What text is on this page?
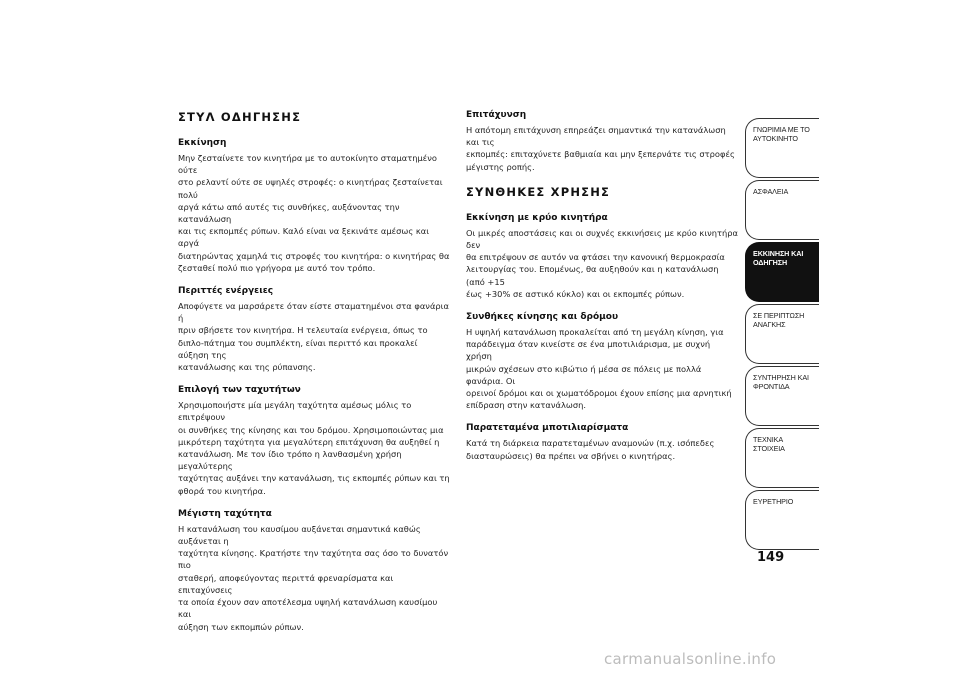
ΣΤΥΛ ΟΔΗΓΗΣΗΣ
Εκκίνηση
Μην ζεσταίνετε τον κινητήρα με το αυτοκίνητο σταματημένο ούτε
στο ρελαντί ούτε σε υψηλές στροφές: ο κινητήρας ζεσταίνεται πολύ
αργά κάτω από αυτές τις συνθήκες, αυξάνοντας την κατανάλωση
και τις εκπομπές ρύπων. Καλό είναι να ξεκινάτε αμέσως και αργά
διατηρώντας χαμηλά τις στροφές του κινητήρα: ο κινητήρας θα
ζεσταθεί πολύ πιο γρήγορα με αυτό τον τρόπο.
Περιττές ενέργειες
Αποφύγετε να μαρσάρετε όταν είστε σταματημένοι στα φανάρια ή
πριν σβήσετε τον κινητήρα. Η τελευταία ενέργεια, όπως το
διπλο-πάτημα του συμπλέκτη, είναι περιττό και προκαλεί αύξηση της
κατανάλωσης και της ρύπανσης.
Επιλογή των ταχυτήτων
Χρησιμοποιήστε μία μεγάλη ταχύτητα αμέσως μόλις το επιτρέψουν
οι συνθήκες της κίνησης και του δρόμου. Χρησιμοποιώντας μια
μικρότερη ταχύτητα για μεγαλύτερη επιτάχυνση θα αυξηθεί η
κατανάλωση. Με τον ίδιο τρόπο η λανθασμένη χρήση μεγαλύτερης
ταχύτητας αυξάνει την κατανάλωση, τις εκπομπές ρύπων και τη
φθορά του κινητήρα.
Μέγιστη ταχύτητα
Η κατανάλωση του καυσίμου αυξάνεται σημαντικά καθώς αυξάνεται η
ταχύτητα κίνησης. Κρατήστε την ταχύτητα σας όσο το δυνατόν πιο
σταθερή, αποφεύγοντας περιττά φρεναρίσματα και επιταχύνσεις
τα οποία έχουν σαν αποτέλεσμα υψηλή κατανάλωση καυσίμου και
αύξηση των εκπομπών ρύπων.
Επιτάχυνση
Η απότομη επιτάχυνση επηρεάζει σημαντικά την κατανάλωση και τις
εκπομπές: επιταχύνετε βαθμιαία και μην ξεπερνάτε τις στροφές
μέγιστης ροπής.
ΣΥΝΘΗΚΕΣ ΧΡΗΣΗΣ
Εκκίνηση με κρύο κινητήρα
Οι μικρές αποστάσεις και οι συχνές εκκινήσεις με κρύο κινητήρα δεν
θα επιτρέψουν σε αυτόν να φτάσει την κανονική θερμοκρασία
λειτουργίας του. Επομένως, θα αυξηθούν και η κατανάλωση (από +15
έως +30% σε αστικό κύκλο) και οι εκπομπές ρύπων.
Συνθήκες κίνησης και δρόμου
Η υψηλή κατανάλωση προκαλείται από τη μεγάλη κίνηση, για
παράδειγμα όταν κινείστε σε ένα μποτιλιάρισμα, με συχνή χρήση
μικρών σχέσεων στο κιβώτιο ή μέσα σε πόλεις με πολλά φανάρια. Οι
ορεινοί δρόμοι και οι χωματόδρομοι έχουν επίσης μια αρνητική
επίδραση στην κατανάλωση.
Παρατεταμένα μποτιλιαρίσματα
Κατά τη διάρκεια παρατεταμένων αναμονών (π.χ. ισόπεδες
διασταυρώσεις) θα πρέπει να σβήνει ο κινητήρας.
ΓΝΩΡΙΜΙΑ ΜΕ ΤΟ
ΑΥΤΟΚΙΝΗΤΟ
ΑΣΦΑΛΕΙΑ
ΕΚΚΙΝΗΣΗ ΚΑΙ
ΟΔΗΓΗΣΗ
ΣΕ ΠΕΡΙΠΤΩΣΗ
ΑΝΑΓΚΗΣ
ΣΥΝΤΗΡΗΣΗ ΚΑΙ
ΦΡΟΝΤΙΔΑ
ΤΕΧΝΙΚΑ ΣΤΟΙΧΕΙΑ
ΕΥΡΕΤΗΡΙΟ
149
carmanualsonline.info
